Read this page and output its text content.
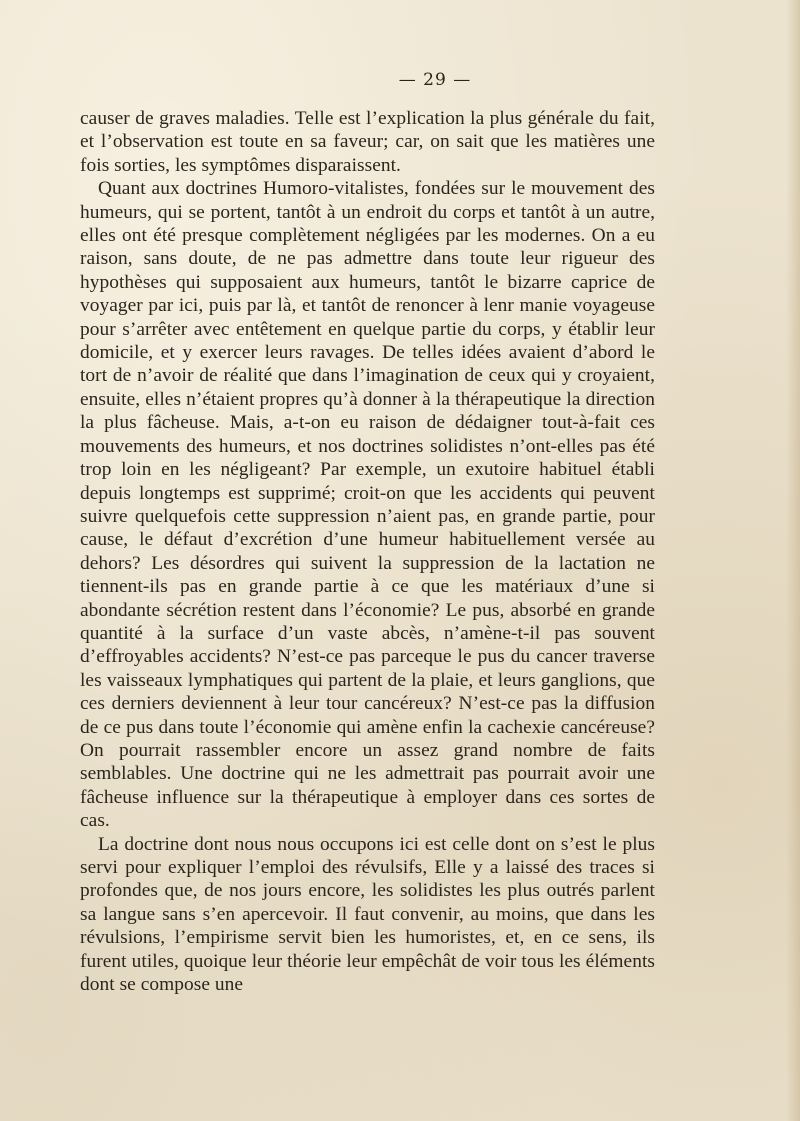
— 29 —

causer de graves maladies. Telle est l’explication la plus générale du fait, et l’observation est toute en sa faveur; car, on sait que les matières une fois sorties, les symptômes disparaissent.

Quant aux doctrines Humoro-vitalistes, fondées sur le mouvement des humeurs, qui se portent, tantôt à un endroit du corps et tantôt à un autre, elles ont été presque complètement négligées par les modernes. On a eu raison, sans doute, de ne pas admettre dans toute leur rigueur des hypothèses qui supposaient aux humeurs, tantôt le bizarre caprice de voyager par ici, puis par là, et tantôt de renoncer à lenr manie voyageuse pour s’arrêter avec entêtement en quelque partie du corps, y établir leur domicile, et y exercer leurs ravages. De telles idées avaient d’abord le tort de n’avoir de réalité que dans l’imagination de ceux qui y croyaient, ensuite, elles n’étaient propres qu’à donner à la thérapeutique la direction la plus fâcheuse. Mais, a-t-on eu raison de dédaigner tout-à-fait ces mouvements des humeurs, et nos doctrines solidistes n’ont-elles pas été trop loin en les négligeant? Par exemple, un exutoire habituel établi depuis longtemps est supprimé; croit-on que les accidents qui peuvent suivre quelquefois cette suppression n’aient pas, en grande partie, pour cause, le défaut d’excrétion d’une humeur habituellement versée au dehors? Les désordres qui suivent la suppression de la lactation ne tiennent-ils pas en grande partie à ce que les matériaux d’une si abondante sécrétion restent dans l’économie? Le pus, absorbé en grande quantité à la surface d’un vaste abcès, n’amène-t-il pas souvent d’effroyables accidents? N’est-ce pas parceque le pus du cancer traverse les vaisseaux lymphatiques qui partent de la plaie, et leurs ganglions, que ces derniers deviennent à leur tour cancéreux? N’est-ce pas la diffusion de ce pus dans toute l’économie qui amène enfin la cachexie cancéreuse? On pourrait rassembler encore un assez grand nombre de faits semblables. Une doctrine qui ne les admettrait pas pourrait avoir une fâcheuse influence sur la thérapeutique à employer dans ces sortes de cas.

La doctrine dont nous nous occupons ici est celle dont on s’est le plus servi pour expliquer l’emploi des révulsifs, Elle y a laissé des traces si profondes que, de nos jours encore, les solidistes les plus outrés parlent sa langue sans s’en apercevoir. Il faut convenir, au moins, que dans les révulsions, l’empirisme servit bien les humoristes, et, en ce sens, ils furent utiles, quoique leur théorie leur empêchât de voir tous les éléments dont se compose une
